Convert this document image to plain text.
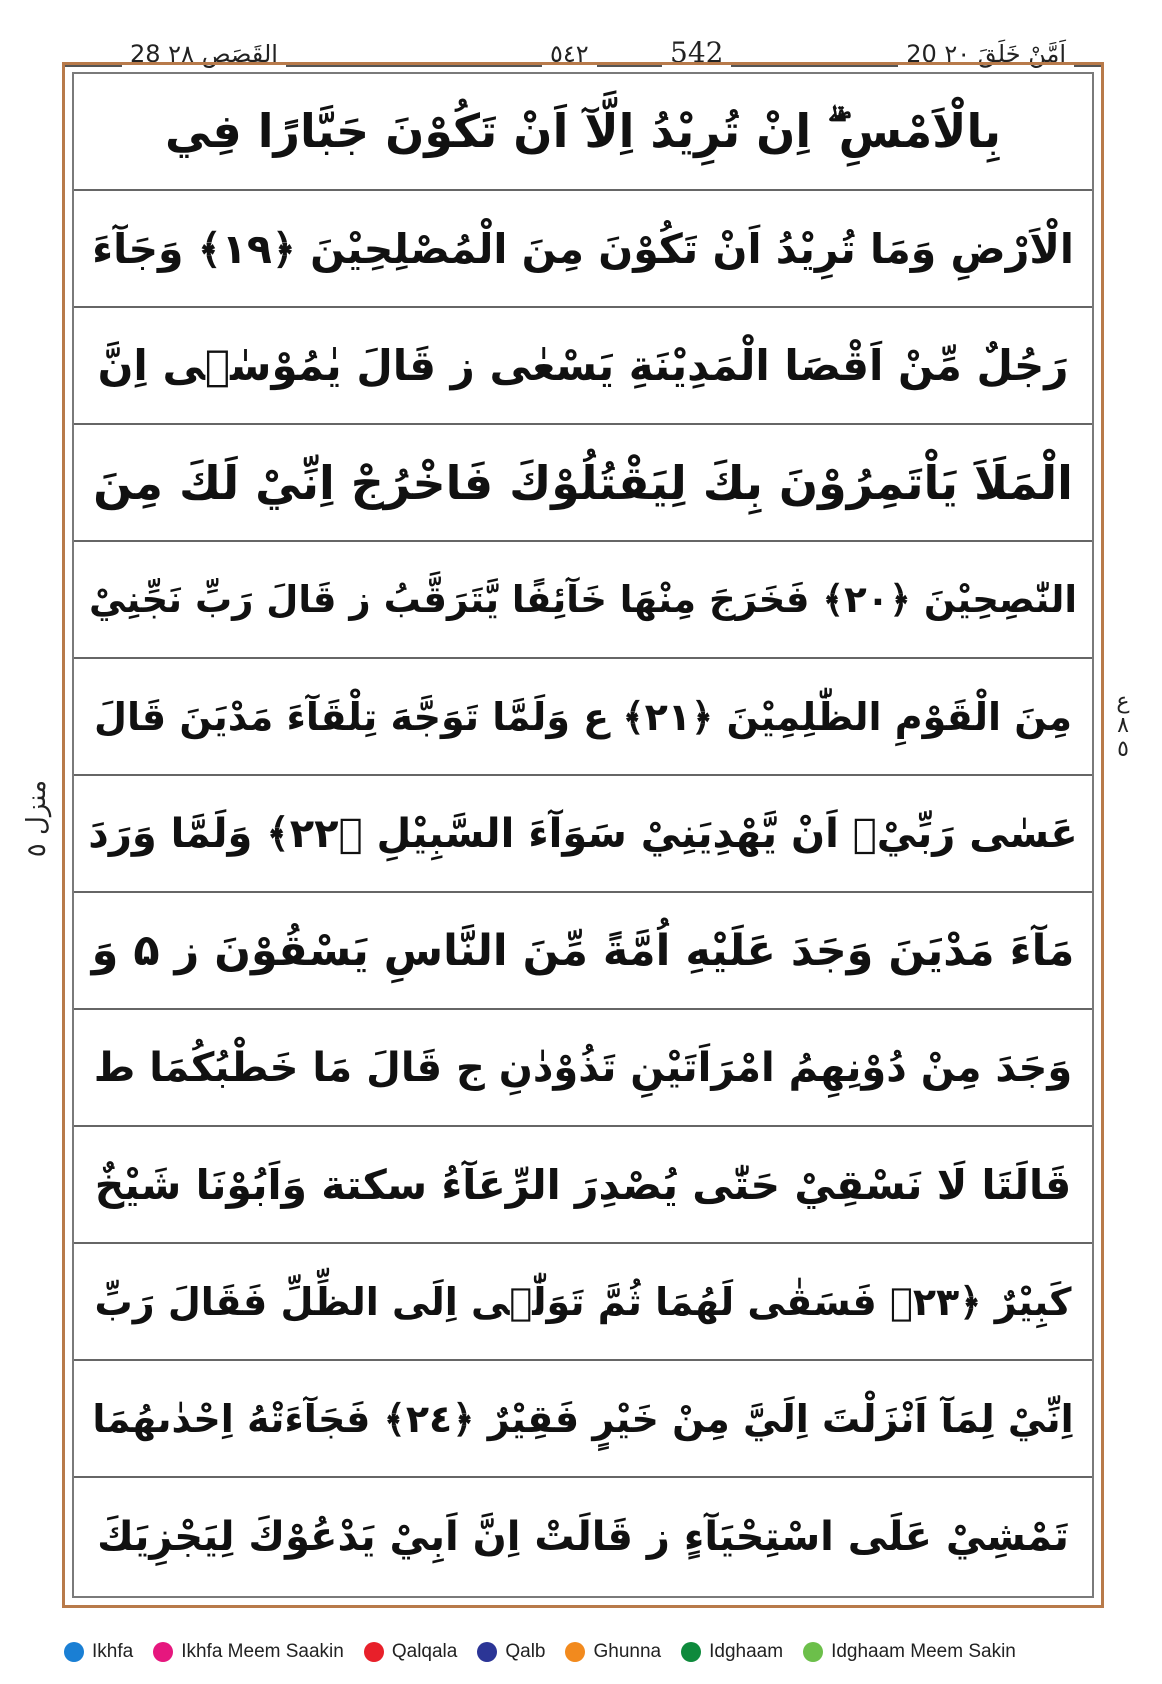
28 القَصَص ٢٨	٥٤٢	542	20 اَمَّنْ خَلَقَ ٢٠
منزل ٥
ع
٨
٥
بِالْاَمْسِ ۖۗ اِنْ تُرِيْدُ اِلَّآ اَنْ تَكُوْنَ جَبَّارًا فِي
الْاَرْضِ وَمَا تُرِيْدُ اَنْ تَكُوْنَ مِنَ الْمُصْلِحِيْنَ ﴿١٩﴾ وَجَآءَ
رَجُلٌ مِّنْ اَقْصَا الْمَدِيْنَةِ يَسْعٰى ز قَالَ يٰمُوْسٰۤى اِنَّ
الْمَلَاَ يَاْتَمِرُوْنَ بِكَ لِيَقْتُلُوْكَ فَاخْرُجْ اِنِّيْ لَكَ مِنَ
النّٰصِحِيْنَ ﴿٢٠﴾ فَخَرَجَ مِنْهَا خَآئِفًا يَّتَرَقَّبُ ز قَالَ رَبِّ نَجِّنِيْ
مِنَ الْقَوْمِ الظّٰلِمِيْنَ ﴿٢١﴾ ع وَلَمَّا تَوَجَّهَ تِلْقَآءَ مَدْيَنَ قَالَ
عَسٰى رَبِّيْۤ اَنْ يَّهْدِيَنِيْ سَوَآءَ السَّبِيْلِ ﴿٢٢﴾ وَلَمَّا وَرَدَ
مَآءَ مَدْيَنَ وَجَدَ عَلَيْهِ اُمَّةً مِّنَ النَّاسِ يَسْقُوْنَ ز ۵ وَ
وَجَدَ مِنْ دُوْنِهِمُ امْرَاَتَيْنِ تَذُوْدٰنِ ج قَالَ مَا خَطْبُكُمَا ط
قَالَتَا لَا نَسْقِيْ حَتّٰى يُصْدِرَ الرِّعَآءُ سكتة وَاَبُوْنَا شَيْخٌ
كَبِيْرٌ ﴿٢٣﴾ فَسَقٰى لَهُمَا ثُمَّ تَوَلّٰۤى اِلَى الظِّلِّ فَقَالَ رَبِّ
اِنِّيْ لِمَآ اَنْزَلْتَ اِلَيَّ مِنْ خَيْرٍ فَقِيْرٌ ﴿٢٤﴾ فَجَآءَتْهُ اِحْدٰىهُمَا
تَمْشِيْ عَلَى اسْتِحْيَآءٍ ز قَالَتْ اِنَّ اَبِيْ يَدْعُوْكَ لِيَجْزِيَكَ
Ikhfa	Ikhfa Meem Saakin	Qalqala	Qalb	Ghunna	Idghaam	Idghaam Meem Sakin
